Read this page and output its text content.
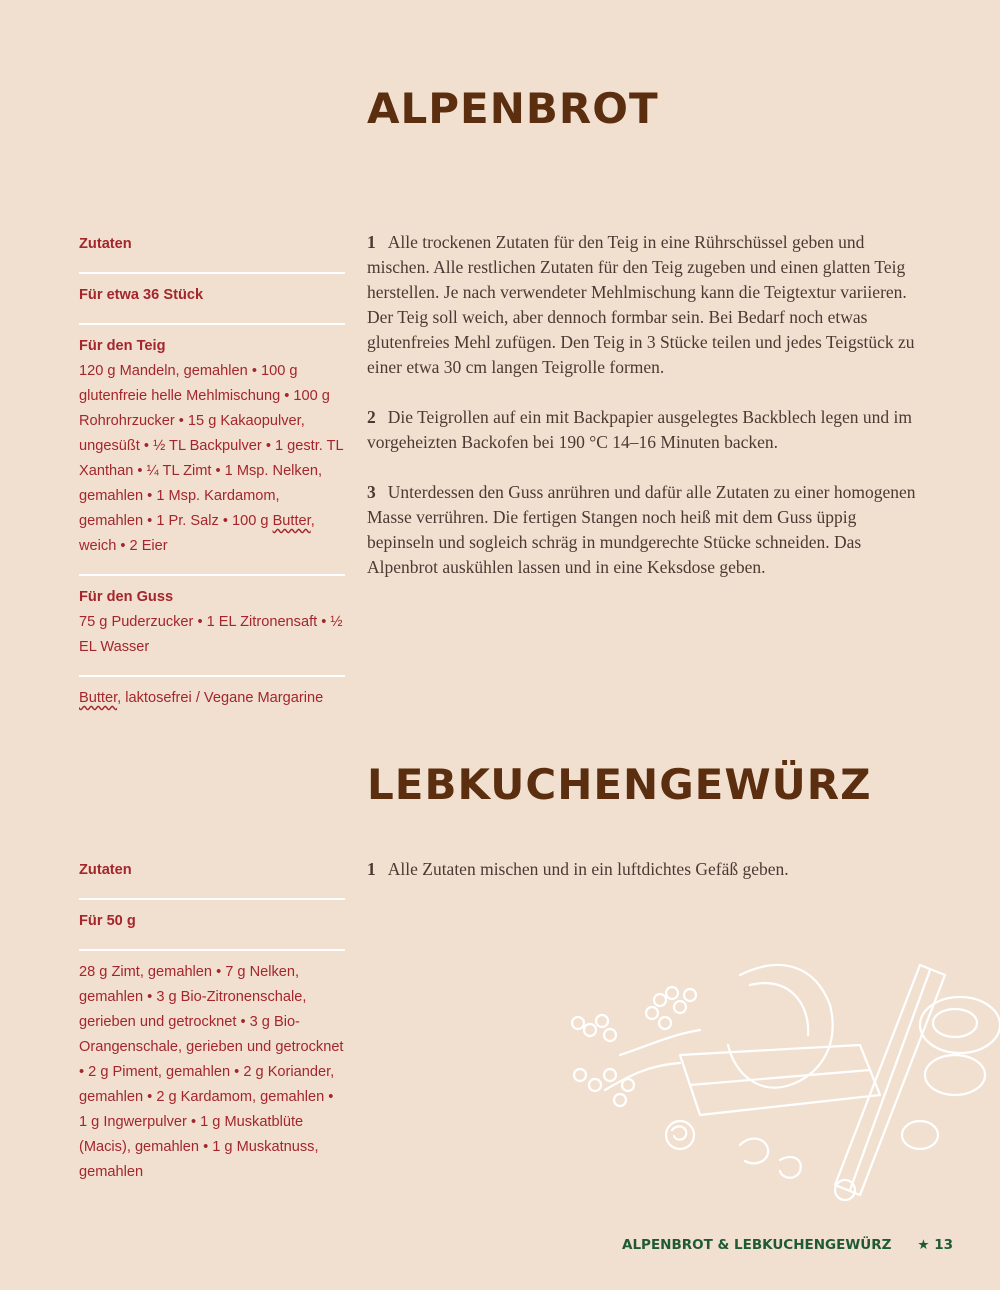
ALPENBROT
Zutaten
Für etwa 36 Stück
Für den Teig
120 g Mandeln, gemahlen • 100 g glutenfreie helle Mehlmischung • 100 g Rohrohrzucker • 15 g Kakaopulver, ungesüßt • ½ TL Backpulver • 1 gestr. TL Xanthan • ¼ TL Zimt • 1 Msp. Nelken, gemahlen • 1 Msp. Kardamom, gemahlen • 1 Pr. Salz • 100 g Butter, weich • 2 Eier
Für den Guss
75 g Puderzucker • 1 EL Zitronensaft • ½ EL Wasser
Butter, laktosefrei / Vegane Margarine

1 Alle trockenen Zutaten für den Teig in eine Rührschüssel geben und mischen. Alle restlichen Zutaten für den Teig zugeben und einen glatten Teig herstellen. Je nach verwendeter Mehlmischung kann die Teigtextur variieren. Der Teig soll weich, aber dennoch formbar sein. Bei Bedarf noch etwas glutenfreies Mehl zufügen. Den Teig in 3 Stücke teilen und jedes Teigstück zu einer etwa 30 cm langen Teigrolle formen.

2 Die Teigrollen auf ein mit Backpapier ausgelegtes Backblech legen und im vorgeheizten Backofen bei 190 °C 14–16 Minuten backen.

3 Unterdessen den Guss anrühren und dafür alle Zutaten zu einer homogenen Masse verrühren. Die fertigen Stangen noch heiß mit dem Guss üppig bepinseln und sogleich schräg in mundgerechte Stücke schneiden. Das Alpenbrot auskühlen lassen und in eine Keksdose geben.

LEBKUCHENGEWÜRZ
Zutaten
Für 50 g
28 g Zimt, gemahlen • 7 g Nelken, gemahlen • 3 g Bio-Zitronenschale, gerieben und getrocknet • 3 g Bio-Orangenschale, gerieben und getrocknet • 2 g Piment, gemahlen • 2 g Koriander, gemahlen • 2 g Kardamom, gemahlen • 1 g Ingwerpulver • 1 g Muskatblüte (Macis), gemahlen • 1 g Muskatnuss, gemahlen

1 Alle Zutaten mischen und in ein luftdichtes Gefäß geben.

ALPENBROT & LEBKUCHENGEWÜRZ ★ 13
